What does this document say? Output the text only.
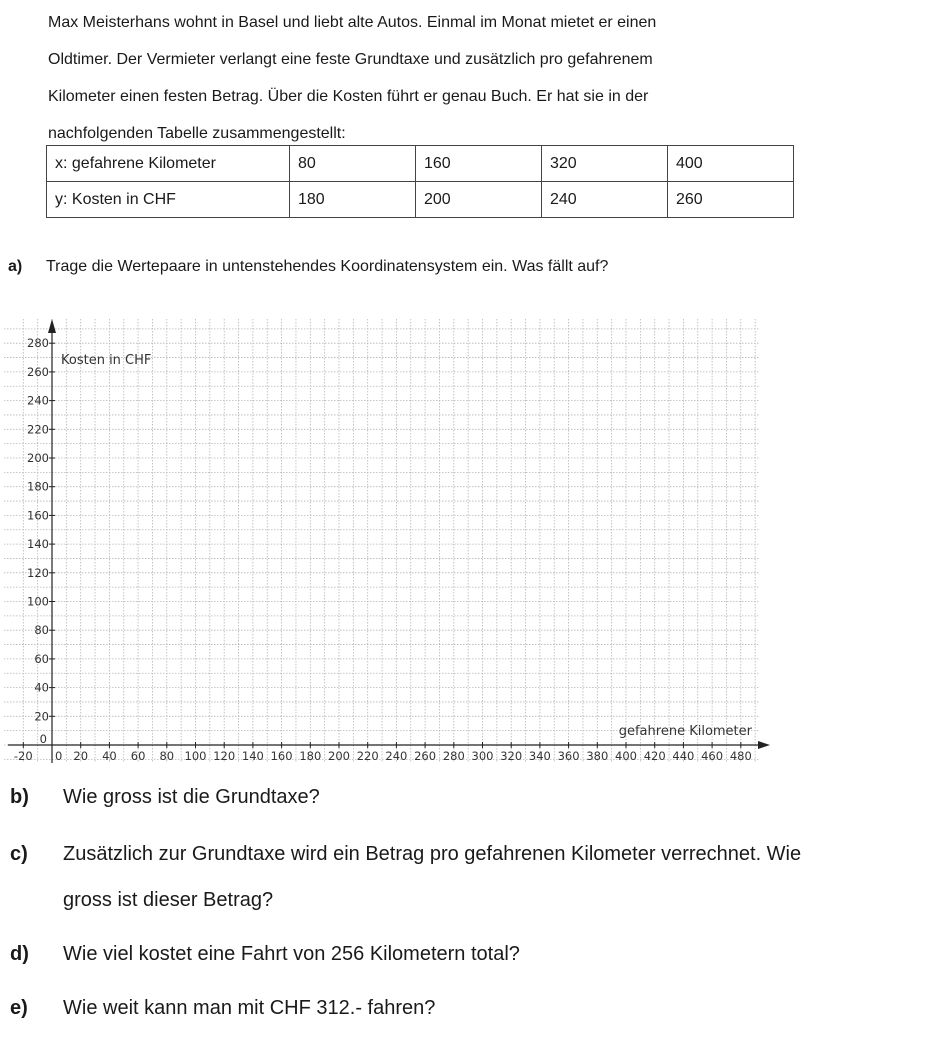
Max Meisterhans wohnt in Basel und liebt alte Autos. Einmal im Monat mietet er einen

Oldtimer. Der Vermieter verlangt eine feste Grundtaxe und zusätzlich pro gefahrenem

Kilometer einen festen Betrag. Über die Kosten führt er genau Buch. Er hat sie in der

nachfolgenden Tabelle zusammengestellt:

x: gefahrene Kilometer	80	160	320	400
y: Kosten in CHF	180	200	240	260
a) Trage die Wertepaare in untenstehendes Koordinatensystem ein. Was fällt auf?
-20 0 20 40 60 80 100 120 140 160 180 200 220 240 260 280 300 320 340 360 380 400 420 440 460 480
20
40
60
80
100
120
140
160
180
200
220
240
260
280
0
Kosten in CHF
gefahrene Kilometer
b) Wie gross ist die Grundtaxe?
c) Zusätzlich zur Grundtaxe wird ein Betrag pro gefahrenen Kilometer verrechnet. Wie
gross ist dieser Betrag?
d) Wie viel kostet eine Fahrt von 256 Kilometern total?
e) Wie weit kann man mit CHF 312.- fahren?
